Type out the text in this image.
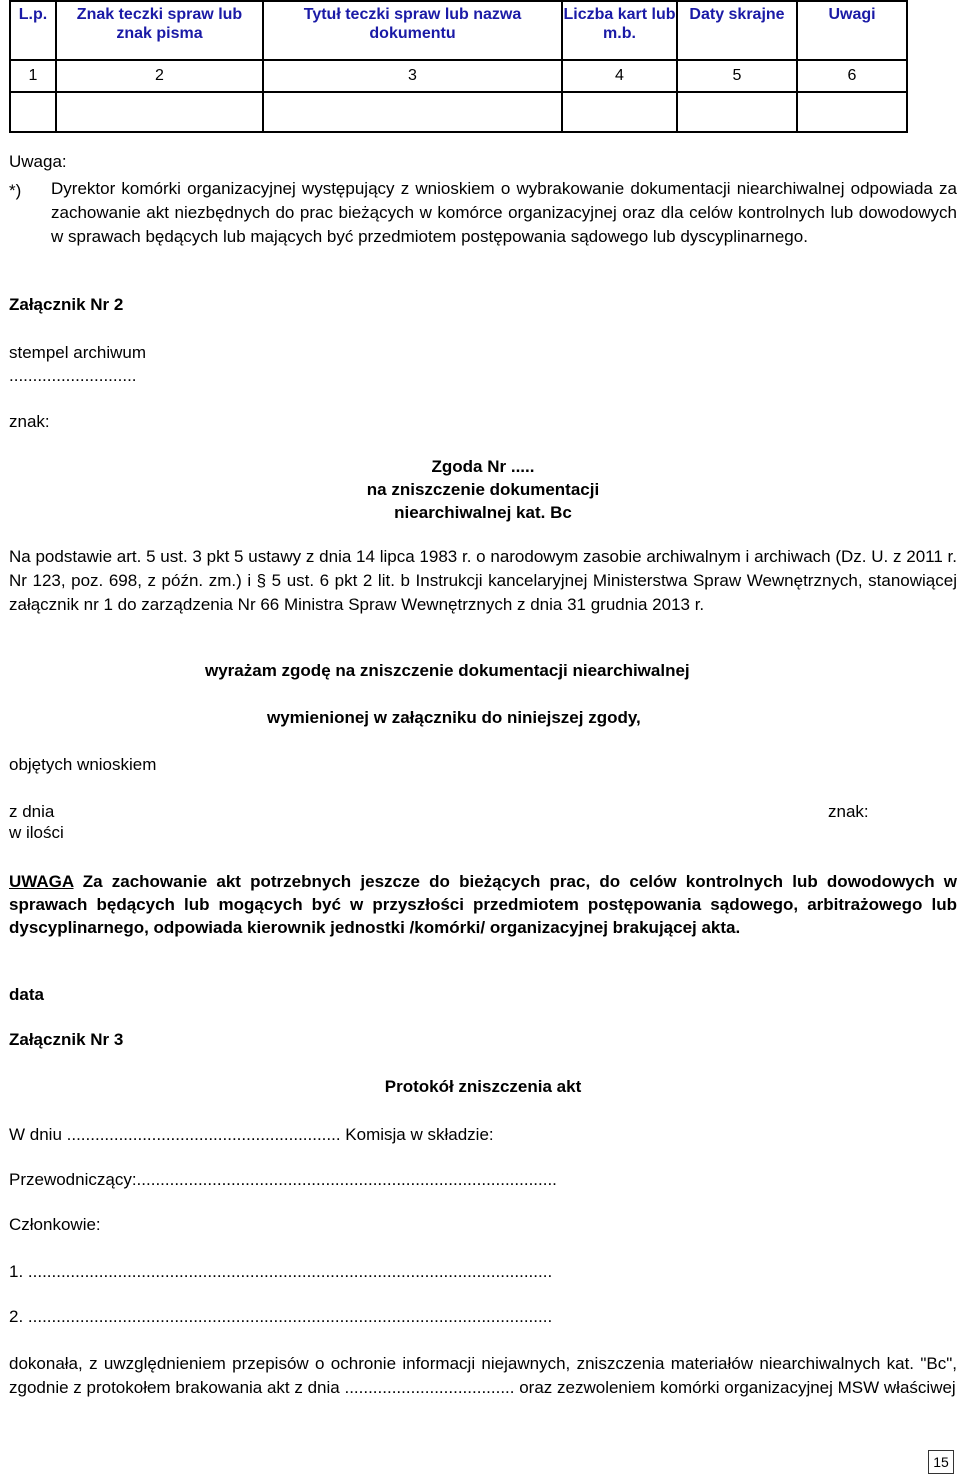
L.p.	Znak teczki spraw lub znak pisma	Tytuł teczki spraw lub nazwa dokumentu	Liczba kart lub m.b.	Daty skrajne	Uwagi
1	2	3	4	5	6

Uwaga:
*) Dyrektor komórki organizacyjnej występujący z wnioskiem o wybrakowanie dokumentacji niearchiwalnej odpowiada za zachowanie akt niezbędnych do prac bieżących w komórce organizacyjnej oraz dla celów kontrolnych lub dowodowych w sprawach będących lub mających być przedmiotem postępowania sądowego lub dyscyplinarnego.
Załącznik Nr 2
stempel archiwum
...........................
znak:
Zgoda Nr .....
na zniszczenie dokumentacji
niearchiwalnej kat. Bc
Na podstawie art. 5 ust. 3 pkt 5 ustawy z dnia 14 lipca 1983 r. o narodowym zasobie archiwalnym i archiwach (Dz. U. z 2011 r. Nr 123, poz. 698, z późn. zm.) i § 5 ust. 6 pkt 2 lit. b Instrukcji kancelaryjnej Ministerstwa Spraw Wewnętrznych, stanowiącej załącznik nr 1 do zarządzenia Nr 66 Ministra Spraw Wewnętrznych z dnia 31 grudnia 2013 r.
wyrażam zgodę na zniszczenie dokumentacji niearchiwalnej
wymienionej w załączniku do niniejszej zgody,
objętych wnioskiem
z dnia	znak:
w ilości
UWAGA Za zachowanie akt potrzebnych jeszcze do bieżących prac, do celów kontrolnych lub dowodowych w sprawach będących lub mogących być w przyszłości przedmiotem postępowania sądowego, arbitrażowego lub dyscyplinarnego, odpowiada kierownik jednostki /komórki/ organizacyjnej brakującej akta.
data
Załącznik Nr 3
Protokół zniszczenia akt
W dniu .......................................................... Komisja w składzie:
Przewodniczący:.........................................................................................
Członkowie:
1. ...............................................................................................................
2. ...............................................................................................................
dokonała, z uwzględnieniem przepisów o ochronie informacji niejawnych, zniszczenia materiałów niearchiwalnych kat. "Bc", zgodnie z protokołem brakowania akt z dnia .................................... oraz zezwoleniem komórki organizacyjnej MSW właściwej
15
